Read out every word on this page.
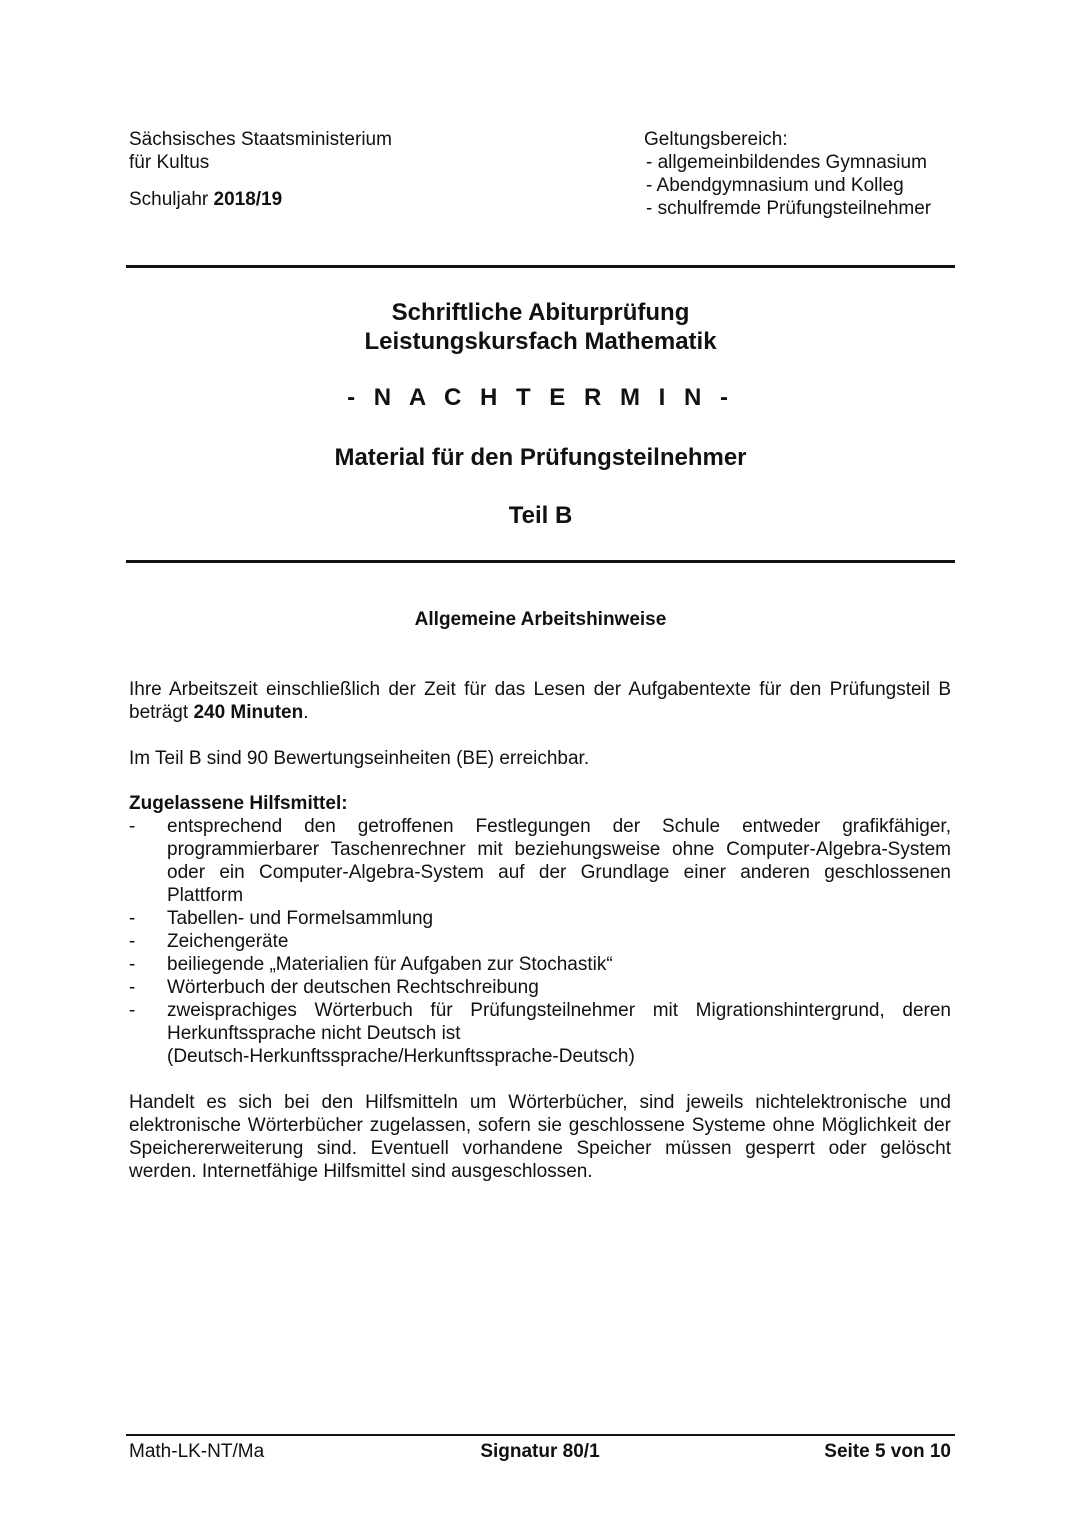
Sächsisches Staatsministerium
für Kultus
Schuljahr 2018/19
Geltungsbereich:
- allgemeinbildendes Gymnasium
- Abendgymnasium und Kolleg
- schulfremde Prüfungsteilnehmer
Schriftliche Abiturprüfung
Leistungskursfach Mathematik
- N A C H T E R M I N -
Material für den Prüfungsteilnehmer
Teil B
Allgemeine Arbeitshinweise
Ihre Arbeitszeit einschließlich der Zeit für das Lesen der Aufgabentexte für den Prüfungsteil B beträgt 240 Minuten.
Im Teil B sind 90 Bewertungseinheiten (BE) erreichbar.
Zugelassene Hilfsmittel:
- entsprechend den getroffenen Festlegungen der Schule entweder grafikfähiger, programmierbarer Taschenrechner mit beziehungsweise ohne Computer-Algebra-System oder ein Computer-Algebra-System auf der Grundlage einer anderen geschlossenen Plattform
- Tabellen- und Formelsammlung
- Zeichengeräte
- beiliegende „Materialien für Aufgaben zur Stochastik“
- Wörterbuch der deutschen Rechtschreibung
- zweisprachiges Wörterbuch für Prüfungsteilnehmer mit Migrationshintergrund, deren Herkunftssprache nicht Deutsch ist
(Deutsch-Herkunftssprache/Herkunftssprache-Deutsch)
Handelt es sich bei den Hilfsmitteln um Wörterbücher, sind jeweils nichtelektronische und elektronische Wörterbücher zugelassen, sofern sie geschlossene Systeme ohne Möglichkeit der Speichererweiterung sind. Eventuell vorhandene Speicher müssen gesperrt oder gelöscht werden. Internetfähige Hilfsmittel sind ausgeschlossen.
Math-LK-NT/Ma	Signatur 80/1	Seite 5 von 10
